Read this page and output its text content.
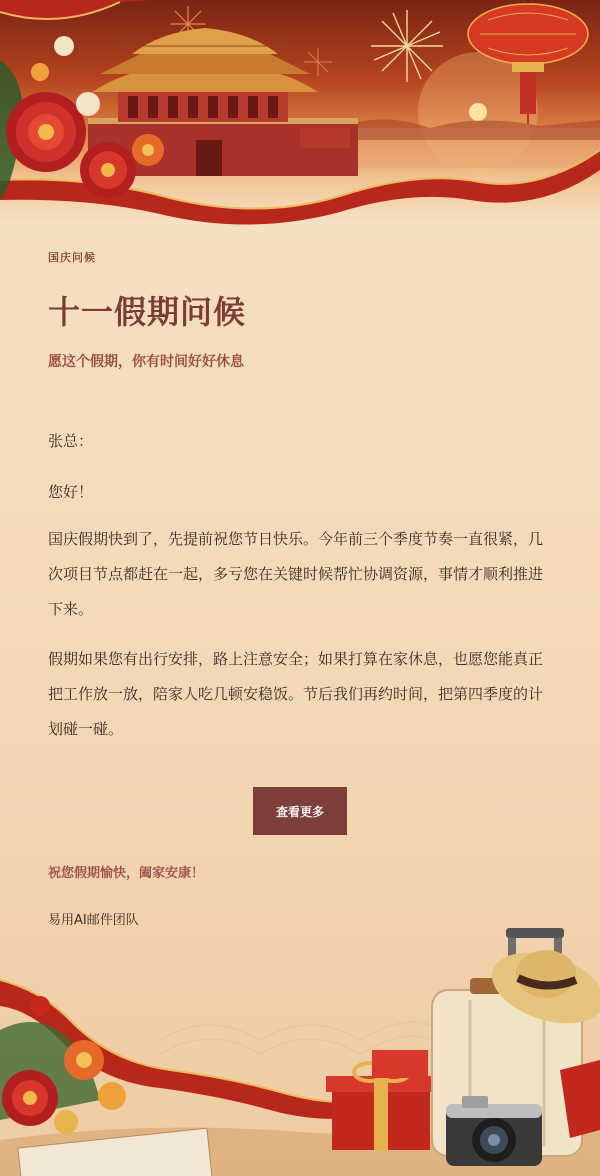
国庆问候
十一假期问候
愿这个假期，你有时间好好休息
张总：
您好！
国庆假期快到了，先提前祝您节日快乐。今年前三个季度节奏一直很紧，几次项目节点都赶在一起，多亏您在关键时候帮忙协调资源，事情才顺利推进下来。
假期如果您有出行安排，路上注意安全；如果打算在家休息，也愿您能真正把工作放一放，陪家人吃几顿安稳饭。节后我们再约时间，把第四季度的计划碰一碰。
查看更多
祝您假期愉快，阖家安康！
易用AI邮件团队
